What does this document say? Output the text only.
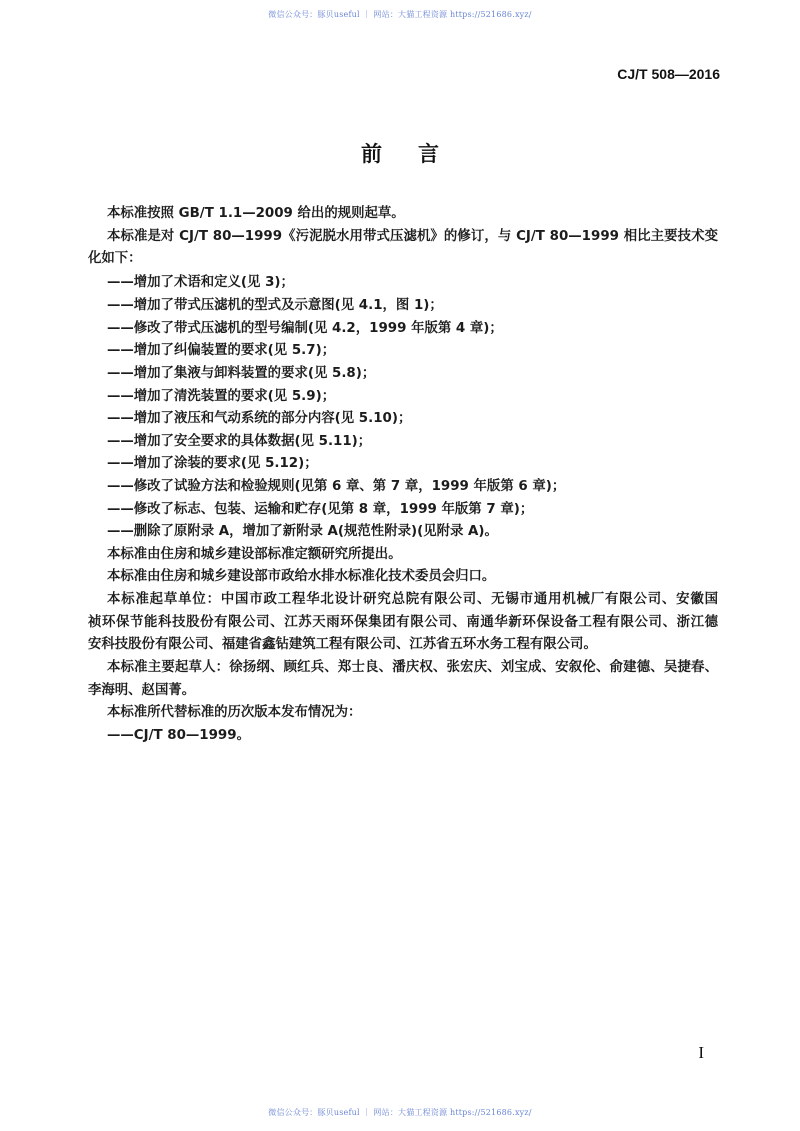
微信公众号：豚贝useful ｜ 网站：大猫工程资源 https://521686.xyz/
CJ/T 508—2016
前言
本标准按照 GB/T 1.1—2009 给出的规则起草。
本标准是对 CJ/T 80—1999《污泥脱水用带式压滤机》的修订，与 CJ/T 80—1999 相比主要技术变
化如下：
——增加了术语和定义(见 3)；
——增加了带式压滤机的型式及示意图(见 4.1，图 1)；
——修改了带式压滤机的型号编制(见 4.2，1999 年版第 4 章)；
——增加了纠偏装置的要求(见 5.7)；
——增加了集液与卸料装置的要求(见 5.8)；
——增加了清洗装置的要求(见 5.9)；
——增加了液压和气动系统的部分内容(见 5.10)；
——增加了安全要求的具体数据(见 5.11)；
——增加了涂装的要求(见 5.12)；
——修改了试验方法和检验规则(见第 6 章、第 7 章，1999 年版第 6 章)；
——修改了标志、包装、运输和贮存(见第 8 章，1999 年版第 7 章)；
——删除了原附录 A，增加了新附录 A(规范性附录)(见附录 A)。
本标准由住房和城乡建设部标准定额研究所提出。
本标准由住房和城乡建设部市政给水排水标准化技术委员会归口。
本标准起草单位：中国市政工程华北设计研究总院有限公司、无锡市通用机械厂有限公司、安徽国
祯环保节能科技股份有限公司、江苏天雨环保集团有限公司、南通华新环保设备工程有限公司、浙江德
安科技股份有限公司、福建省鑫钻建筑工程有限公司、江苏省五环水务工程有限公司。
本标准主要起草人：徐扬纲、顾红兵、郑士良、潘庆权、张宏庆、刘宝成、安叙伦、俞建德、吴捷春、
李海明、赵国菁。
本标准所代替标准的历次版本发布情况为：
——CJ/T 80—1999。
I
微信公众号：豚贝useful ｜ 网站：大猫工程资源 https://521686.xyz/
